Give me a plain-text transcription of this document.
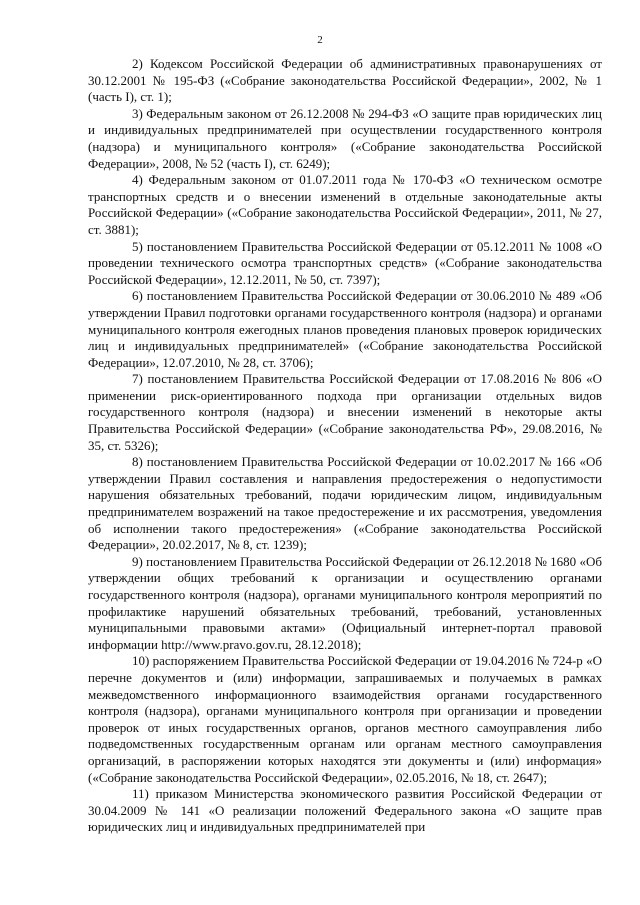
2

2) Кодексом Российской Федерации об административных правонарушениях от 30.12.2001 № 195-ФЗ («Собрание законодательства Российской Федерации», 2002, № 1 (часть I), ст. 1);

3) Федеральным законом от 26.12.2008 № 294-ФЗ «О защите прав юридических лиц и индивидуальных предпринимателей при осуществлении государственного контроля (надзора) и муниципального контроля» («Собрание законодательства Российской Федерации», 2008, № 52 (часть I), ст. 6249);

4) Федеральным законом от 01.07.2011 года № 170-ФЗ «О техническом осмотре транспортных средств и о внесении изменений в отдельные законодательные акты Российской Федерации» («Собрание законодательства Российской Федерации», 2011, № 27, ст. 3881);

5) постановлением Правительства Российской Федерации от 05.12.2011 № 1008 «О проведении технического осмотра транспортных средств» («Собрание законодательства Российской Федерации», 12.12.2011, № 50, ст. 7397);

6) постановлением Правительства Российской Федерации от 30.06.2010 № 489 «Об утверждении Правил подготовки органами государственного контроля (надзора) и органами муниципального контроля ежегодных планов проведения плановых проверок юридических лиц и индивидуальных предпринимателей» («Собрание законодательства Российской Федерации», 12.07.2010, № 28, ст. 3706);

7) постановлением Правительства Российской Федерации от 17.08.2016 № 806 «О применении риск-ориентированного подхода при организации отдельных видов государственного контроля (надзора) и внесении изменений в некоторые акты Правительства Российской Федерации» («Собрание законодательства РФ», 29.08.2016, № 35, ст. 5326);

8) постановлением Правительства Российской Федерации от 10.02.2017 № 166 «Об утверждении Правил составления и направления предостережения о недопустимости нарушения обязательных требований, подачи юридическим лицом, индивидуальным предпринимателем возражений на такое предостережение и их рассмотрения, уведомления об исполнении такого предостережения» («Собрание законодательства Российской Федерации», 20.02.2017, № 8, ст. 1239);

9) постановлением Правительства Российской Федерации от 26.12.2018 № 1680 «Об утверждении общих требований к организации и осуществлению органами государственного контроля (надзора), органами муниципального контроля мероприятий по профилактике нарушений обязательных требований, требований, установленных муниципальными правовыми актами» (Официальный интернет-портал правовой информации http://www.pravo.gov.ru, 28.12.2018);

10) распоряжением Правительства Российской Федерации от 19.04.2016 № 724-р «О перечне документов и (или) информации, запрашиваемых и получаемых в рамках межведомственного информационного взаимодействия органами государственного контроля (надзора), органами муниципального контроля при организации и проведении проверок от иных государственных органов, органов местного самоуправления либо подведомственных государственным органам или органам местного самоуправления организаций, в распоряжении которых находятся эти документы и (или) информация» («Собрание законодательства Российской Федерации», 02.05.2016, № 18, ст. 2647);

11) приказом Министерства экономического развития Российской Федерации от 30.04.2009 № 141 «О реализации положений Федерального закона «О защите прав юридических лиц и индивидуальных предпринимателей при
